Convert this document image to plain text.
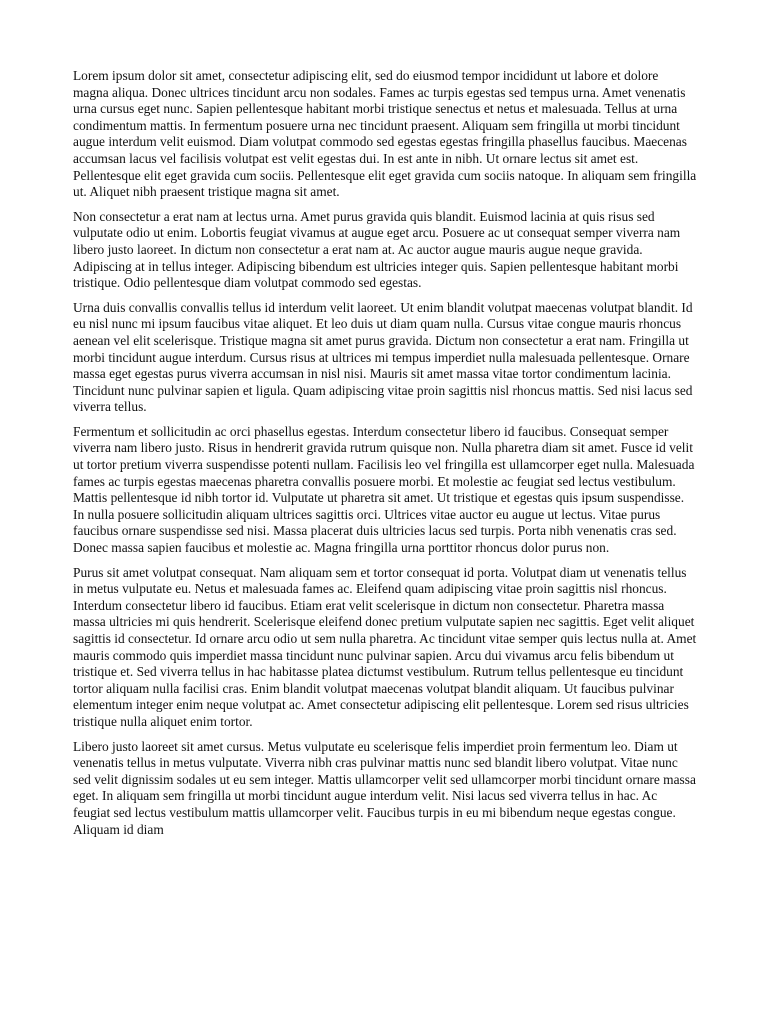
Lorem ipsum dolor sit amet, consectetur adipiscing elit, sed do eiusmod tempor incididunt ut labore et dolore magna aliqua. Donec ultrices tincidunt arcu non sodales. Fames ac turpis egestas sed tempus urna. Amet venenatis urna cursus eget nunc. Sapien pellentesque habitant morbi tristique senectus et netus et malesuada. Tellus at urna condimentum mattis. In fermentum posuere urna nec tincidunt praesent. Aliquam sem fringilla ut morbi tincidunt augue interdum velit euismod. Diam volutpat commodo sed egestas egestas fringilla phasellus faucibus. Maecenas accumsan lacus vel facilisis volutpat est velit egestas dui. In est ante in nibh. Ut ornare lectus sit amet est. Pellentesque elit eget gravida cum sociis. Pellentesque elit eget gravida cum sociis natoque. In aliquam sem fringilla ut. Aliquet nibh praesent tristique magna sit amet.

Non consectetur a erat nam at lectus urna. Amet purus gravida quis blandit. Euismod lacinia at quis risus sed vulputate odio ut enim. Lobortis feugiat vivamus at augue eget arcu. Posuere ac ut consequat semper viverra nam libero justo laoreet. In dictum non consectetur a erat nam at. Ac auctor augue mauris augue neque gravida. Adipiscing at in tellus integer. Adipiscing bibendum est ultricies integer quis. Sapien pellentesque habitant morbi tristique. Odio pellentesque diam volutpat commodo sed egestas.

Urna duis convallis convallis tellus id interdum velit laoreet. Ut enim blandit volutpat maecenas volutpat blandit. Id eu nisl nunc mi ipsum faucibus vitae aliquet. Et leo duis ut diam quam nulla. Cursus vitae congue mauris rhoncus aenean vel elit scelerisque. Tristique magna sit amet purus gravida. Dictum non consectetur a erat nam. Fringilla ut morbi tincidunt augue interdum. Cursus risus at ultrices mi tempus imperdiet nulla malesuada pellentesque. Ornare massa eget egestas purus viverra accumsan in nisl nisi. Mauris sit amet massa vitae tortor condimentum lacinia. Tincidunt nunc pulvinar sapien et ligula. Quam adipiscing vitae proin sagittis nisl rhoncus mattis. Sed nisi lacus sed viverra tellus.

Fermentum et sollicitudin ac orci phasellus egestas. Interdum consectetur libero id faucibus. Consequat semper viverra nam libero justo. Risus in hendrerit gravida rutrum quisque non. Nulla pharetra diam sit amet. Fusce id velit ut tortor pretium viverra suspendisse potenti nullam. Facilisis leo vel fringilla est ullamcorper eget nulla. Malesuada fames ac turpis egestas maecenas pharetra convallis posuere morbi. Et molestie ac feugiat sed lectus vestibulum. Mattis pellentesque id nibh tortor id. Vulputate ut pharetra sit amet. Ut tristique et egestas quis ipsum suspendisse. In nulla posuere sollicitudin aliquam ultrices sagittis orci. Ultrices vitae auctor eu augue ut lectus. Vitae purus faucibus ornare suspendisse sed nisi. Massa placerat duis ultricies lacus sed turpis. Porta nibh venenatis cras sed. Donec massa sapien faucibus et molestie ac. Magna fringilla urna porttitor rhoncus dolor purus non.

Purus sit amet volutpat consequat. Nam aliquam sem et tortor consequat id porta. Volutpat diam ut venenatis tellus in metus vulputate eu. Netus et malesuada fames ac. Eleifend quam adipiscing vitae proin sagittis nisl rhoncus. Interdum consectetur libero id faucibus. Etiam erat velit scelerisque in dictum non consectetur. Pharetra massa massa ultricies mi quis hendrerit. Scelerisque eleifend donec pretium vulputate sapien nec sagittis. Eget velit aliquet sagittis id consectetur. Id ornare arcu odio ut sem nulla pharetra. Ac tincidunt vitae semper quis lectus nulla at. Amet mauris commodo quis imperdiet massa tincidunt nunc pulvinar sapien. Arcu dui vivamus arcu felis bibendum ut tristique et. Sed viverra tellus in hac habitasse platea dictumst vestibulum. Rutrum tellus pellentesque eu tincidunt tortor aliquam nulla facilisi cras. Enim blandit volutpat maecenas volutpat blandit aliquam. Ut faucibus pulvinar elementum integer enim neque volutpat ac. Amet consectetur adipiscing elit pellentesque. Lorem sed risus ultricies tristique nulla aliquet enim tortor.

Libero justo laoreet sit amet cursus. Metus vulputate eu scelerisque felis imperdiet proin fermentum leo. Diam ut venenatis tellus in metus vulputate. Viverra nibh cras pulvinar mattis nunc sed blandit libero volutpat. Vitae nunc sed velit dignissim sodales ut eu sem integer. Mattis ullamcorper velit sed ullamcorper morbi tincidunt ornare massa eget. In aliquam sem fringilla ut morbi tincidunt augue interdum velit. Nisi lacus sed viverra tellus in hac. Ac feugiat sed lectus vestibulum mattis ullamcorper velit. Faucibus turpis in eu mi bibendum neque egestas congue. Aliquam id diam
